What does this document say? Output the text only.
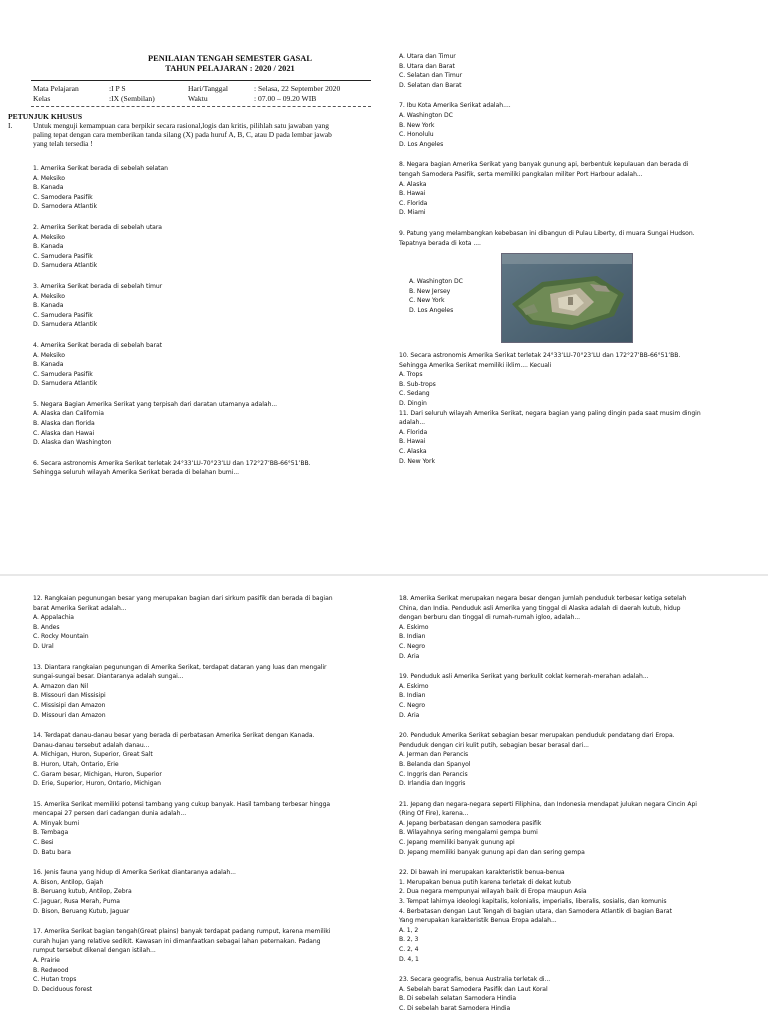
PENILAIAN TENGAH SEMESTER GASAL
TAHUN PELAJARAN : 2020 / 2021
Mata Pelajaran	:I P S	Hari/Tanggal	: Selasa, 22 September 2020
Kelas	:IX (Sembilan)	Waktu	: 07.00 – 09.20 WIB
PETUNJUK KHUSUS
I.	Untuk menguji kemampuan cara berpikir secara rasional,logis dan kritis, pilihlah satu jawaban yang
paling tepat dengan cara memberikan tanda silang (X) pada huruf A, B, C, atau D pada lembar jawab
yang telah tersedia !
1. Amerika Serikat berada di sebelah selatan
A. Meksiko
B. Kanada
C. Samodera Pasifik
D. Samodera Atlantik
2. Amerika Serikat berada di sebelah utara
A. Meksiko
B. Kanada
C. Samudera Pasifik
D. Samudera Atlantik
3. Amerika Serikat berada di sebelah timur
A. Meksiko
B. Kanada
C. Samudera Pasifik
D. Samudera Atlantik
4. Amerika Serikat berada di sebelah barat
A. Meksiko
B. Kanada
C. Samudera Pasifik
D. Samudera Atlantik
5. Negara Bagian Amerika Serikat yang terpisah dari daratan utamanya adalah...
A. Alaska dan California
B. Alaska dan florida
C. Alaska dan Hawai
D. Alaska dan Washington
6. Secara astronomis Amerika Serikat terletak 24°33’LU-70°23’LU dan 172°27’BB-66°51’BB.
Sehingga seluruh wilayah Amerika Serikat berada di belahan bumi...
A. Utara dan Timur
B. Utara dan Barat
C. Selatan dan Timur
D. Selatan dan Barat
7. Ibu Kota Amerika Serikat adalah....
A. Washington DC
B. New York
C. Honolulu
D. Los Angeles
8. Negara bagian Amerika Serikat yang banyak gunung api, berbentuk kepulauan dan berada di
tengah Samodera Pasifik, serta memiliki pangkalan militer Port Harbour adalah...
A. Alaska
B. Hawai
C. Florida
D. Miami
9. Patung yang melambangkan kebebasan ini dibangun di Pulau Liberty, di muara Sungai Hudson.
Tepatnya berada di kota ....
A. Washington DC
B. New Jersey
C. New York
D. Los Angeles
10. Secara astronomis Amerika Serikat terletak 24°33’LU-70°23’LU dan 172°27’BB-66°51’BB.
Sehingga Amerika Serikat memiliki iklim.... Kecuali
A. Trops
B. Sub-trops
C. Sedang
D. Dingin
11. Dari seluruh wilayah Amerika Serikat, negara bagian yang paling dingin pada saat musim dingin
adalah...
A. Florida
B. Hawai
C. Alaska
D. New York
12. Rangkaian pegunungan besar yang merupakan bagian dari sirkum pasifik dan berada di bagian
barat Amerika Serikat adalah...
A. Appalachia
B. Andes
C. Rocky Mountain
D. Ural
13. Diantara rangkaian pegunungan di Amerika Serikat, terdapat dataran yang luas dan mengalir
sungai-sungai besar. Diantaranya adalah sungai...
A. Amazon dan Nil
B. Missouri dan Missisipi
C. Missisipi dan Amazon
D. Missouri dan Amazon
14. Terdapat danau-danau besar yang berada di perbatasan Amerika Serikat dengan Kanada.
Danau-danau tersebut adalah danau...
A. Michigan, Huron, Superior, Great Salt
B. Huron, Utah, Ontario, Erie
C. Garam besar, Michigan, Huron, Superior
D. Erie, Superior, Huron, Ontario, Michigan
15. Amerika Serikat memiliki potensi tambang yang cukup banyak. Hasil tambang terbesar hingga
mencapai 27 persen dari cadangan dunia adalah...
A. Minyak bumi
B. Tembaga
C. Besi
D. Batu bara
16. Jenis fauna yang hidup di Amerika Serikat diantaranya adalah...
A. Bison, Antilop, Gajah
B. Beruang kutub, Antilop, Zebra
C. Jaguar, Rusa Merah, Puma
D. Bison, Beruang Kutub, Jaguar
17. Amerika Serikat bagian tengah(Great plains) banyak terdapat padang rumput, karena memiliki
curah hujan yang relative sedikit. Kawasan ini dimanfaatkan sebagai lahan peternakan. Padang
rumput tersebut dikenal dengan istilah...
A. Prairie
B. Redwood
C. Hutan trops
D. Deciduous forest
18. Amerika Serikat merupakan negara besar dengan jumlah penduduk terbesar ketiga setelah
China, dan India. Penduduk asli Amerika yang tinggal di Alaska adalah di daerah kutub, hidup
dengan berburu dan tinggal di rumah-rumah igloo, adalah...
A. Eskimo
B. Indian
C. Negro
D. Aria
19. Penduduk asli Amerika Serikat yang berkulit coklat kemerah-merahan adalah...
A. Eskimo
B. Indian
C. Negro
D. Aria
20. Penduduk Amerika Serikat sebagian besar merupakan penduduk pendatang dari Eropa.
Penduduk dengan ciri kulit putih, sebagian besar berasal dari...
A. Jerman dan Perancis
B. Belanda dan Spanyol
C. Inggris dan Perancis
D. Irlandia dan Inggris
21. Jepang dan negara-negara seperti Filiphina, dan Indonesia mendapat julukan negara Cincin Api
(Ring Of Fire), karena...
A. Jepang berbatasan dengan samodera pasifik
B. Wilayahnya sering mengalami gempa bumi
C. Jepang memiliki banyak gunung api
D. Jepang memiliki banyak gunung api dan dan sering gempa
22. Di bawah ini merupakan karakteristik benua-benua
1. Merupakan benua putih karena terletak di dekat kutub
2. Dua negara mempunyai wilayah baik di Eropa maupun Asia
3. Tempat lahirnya ideologi kapitalis, kolonialis, imperialis, liberalis, sosialis, dan komunis
4. Berbatasan dengan Laut Tengah di bagian utara, dan Samodera Atlantik di bagian Barat
Yang merupakan karakteristik Benua Eropa adalah...
A. 1, 2
B. 2, 3
C. 2, 4
D. 4, 1
23. Secara geografis, benua Australia terletak di...
A. Sebelah barat Samodera Pasifik dan Laut Koral
B. Di sebelah selatan Samodera Hindia
C. Di sebelah barat Samodera Hindia
